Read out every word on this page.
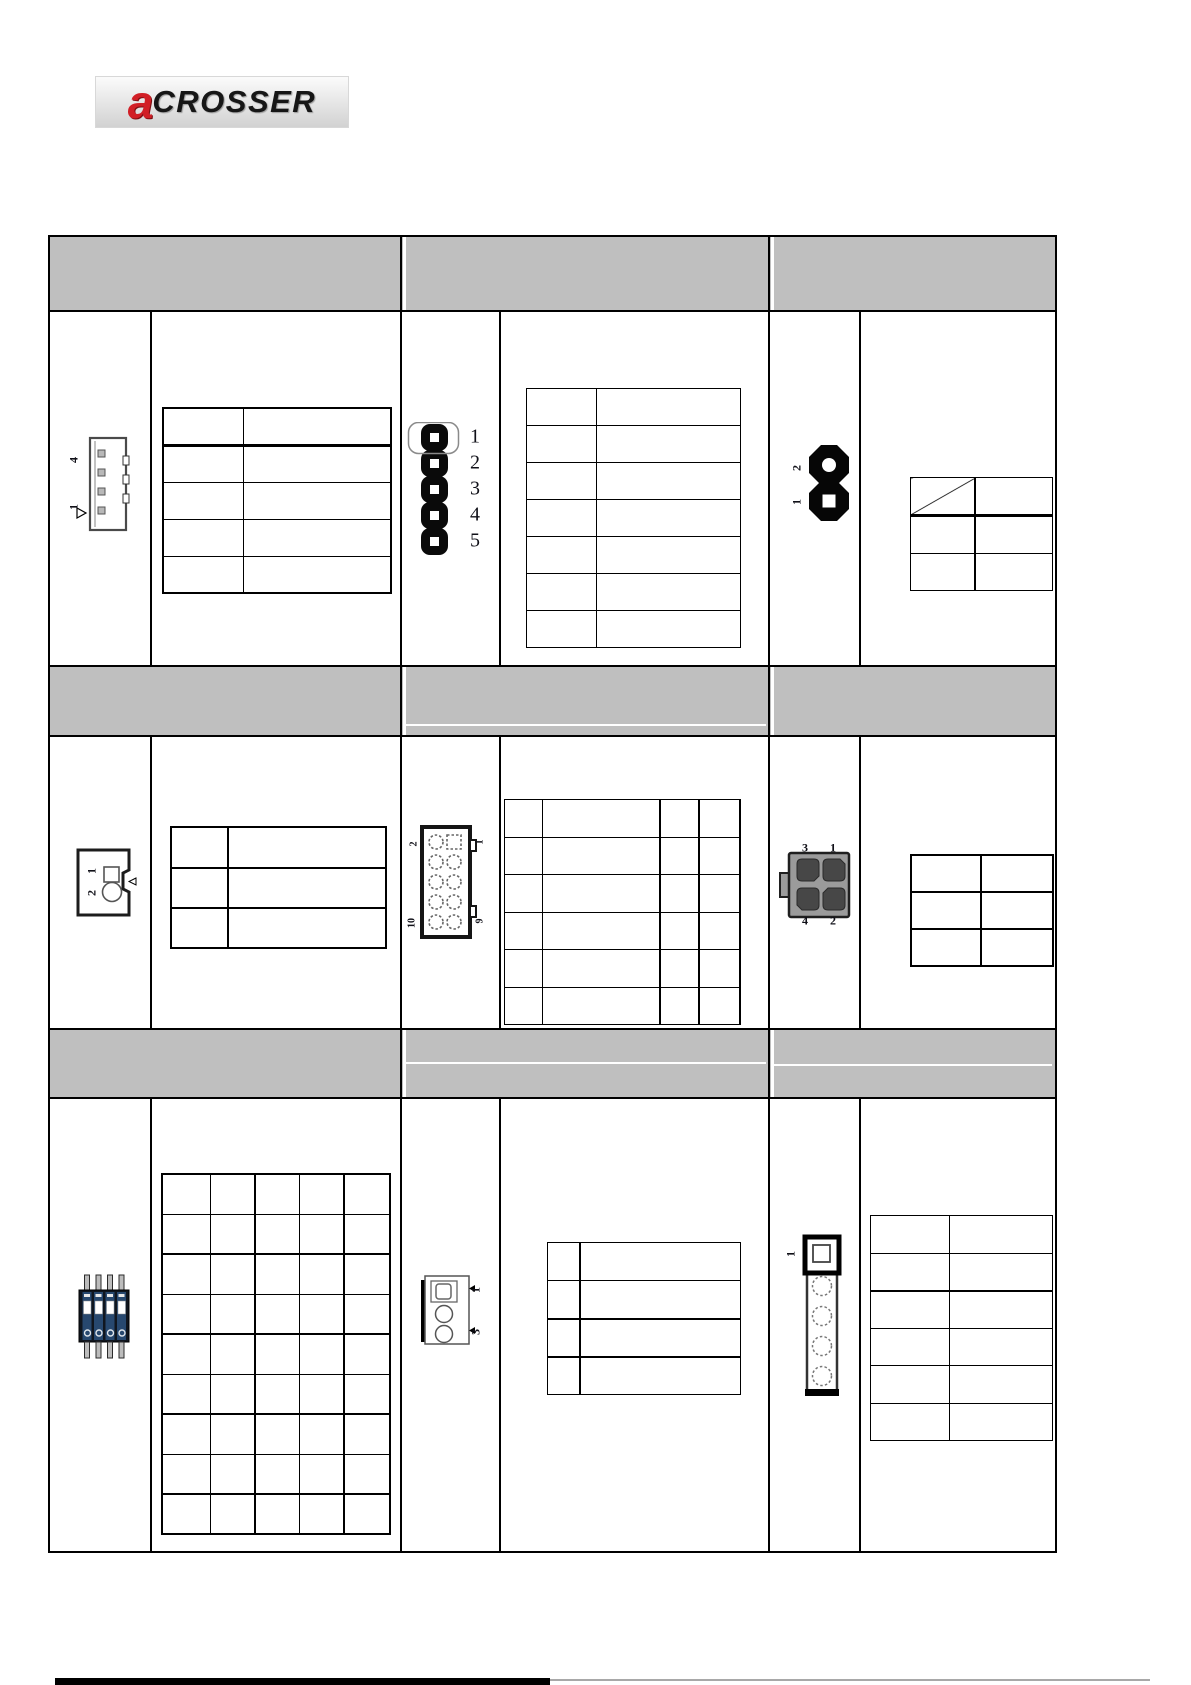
a CROSSER
4
1

1
2
3
4
5

2
1

1
2

2	1
10	9

3 1
4 2

1
3

1
